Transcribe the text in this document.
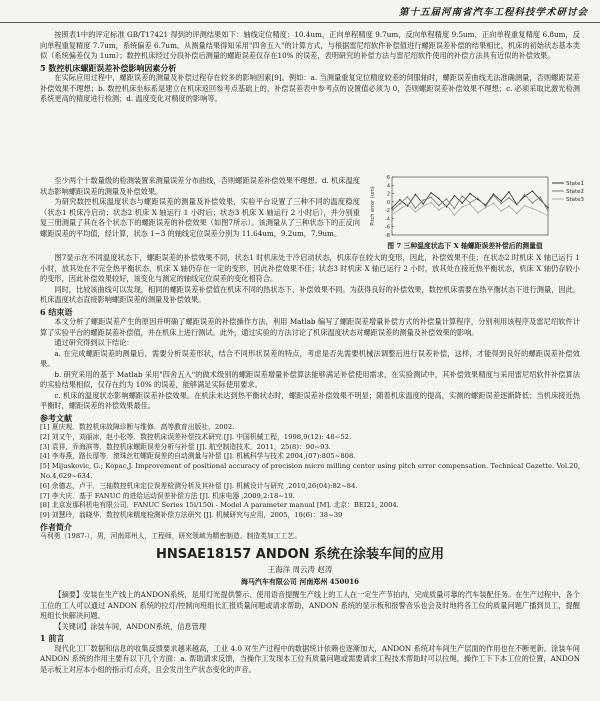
第十五届河南省汽车工程科技学术研讨会

按照表1中的评定标准 GB/T17421 得到的评测结果如下：轴线定位精度：10.4um，正向单程精度 9.7um，反向单程精度 9.5um，正向单程重复精度 6.8um，反向单程重复精度 7.7um，系统偏差 6.7um。从测量结果得知采用"四舍五入"的计算方式，与根据雷尼绍软件补偿值进行螺距误差补偿的结果相比，机床的初始状态基本类似（系统偏差仅为 1um）；数控机床经过分段补偿后测量的螺距误差仅存在10% 的误差，表明研究的补偿方法与雷尼绍软件使用的补偿方法具有近似的补偿效果。

5 数控机床螺距误差补偿影响因素分析

在实际应用过程中，螺距误差的测量及补偿过程存在较多的影响因素[9]。例如：a. 当测量重复定位精度较差的伺服轴时，螺距误差曲线无法准确测量，否则螺距误差补偿效果不理想；b. 数控机床坐标系是建立在机床返回参考点基础上的，补偿误差表中参考点的设置值必须为 0，否则螺距误差补偿效果不理想；c. 必须采取比激光检测系统更高的精度进行检测；d. 温度变化对精度的影响等。

至少两个十数量级的检测装置来测量误差分布曲线，否则螺距误差补偿效果不理想。d. 机床温度状态影响螺距误差的测量及补偿效果。

为研究数控机床温度状态与螺距误差的测量及补偿效果，实验平台设置了三种不同的温度稳度（状态1 机床冷启动；状态2 机床 X 轴运行 1 小时后；状态3 机床 X 轴运行 2 小时后），并分别重复三册测量了其在各个状态下的螺距误差的补偿效果（如图7所示）。该测量从了三种状态下的正反向螺距误差的平均值，经计算，状态 1~3 的轴线定位误差分别为 11.64um，9.2um，7.9um。

6
4
2
0
-2
-4
-6
-8
Pitch error (um)
State1
State2
State3
图 7 三种温度状态下 X 轴螺距误差补偿后的测量值

图7显示在不同温度状态下，螺距误差的补偿效果不同，状态1 时机床处于冷启动状态，机床存在较大的变形，因此，补偿效果不佳；在状态2 时机床 X 轴已运行 1 小时，放其处在不完全热平衡状态，机床 X 轴仍存在一定的变形，因此补偿效果不佳；状态3 时机床 X 轴已运行 2 小时，放其处在接近热平衡状态，机床 X 轴仍存较小的变形，因此补偿效果较好，该变化与测定的轴线定位误差的变化相符合。

同时，比较该曲线可以发现，相同的螺距误差补偿值在机床不同的热状态下，补偿效果不同。为获得良好的补偿效果，数控机床需要在热平衡状态下进行测量，因此，机床温度状态直接影响螺距误差的测量及补偿效果。

6 结束语

本文分析了螺距误差产生的原因并明确了螺距误差的补偿操作方法，利用 Matlab 编写了螺距误差增量补偿方式的补偿量计算程序，分别利用该程序及雷尼绍软件计算了实验平台的螺距误差补偿值，并在机床上进行测试。此外，通过实验的方法讨论了机床温度状态对螺距误差的测量及补偿效果的影响。

通过研究得到以下结论：

a. 在完成螺距误差的测量后，需要分析误差形状，结合不同形状误差的特点，考虑是否先需要机械法调整后进行误差补偿，这样，才能得到良好的螺距误差补偿效果。

b. 研究采用的基于 Matlab 采用"四舍五入"的做术级别的螺距误差增量补偿算法能够满足补偿使用需求，在实验测试中，其补偿效果精度与采用雷尼绍软件补偿算法的实验结果相似，仅存在约为 10% 的误差，能够满足实际使用要求。

c. 机床的温度状态影响螺距误差补偿效果。在机床未达到热平衡状态时，螺距误差补偿效果不明显；随着机床温度的提高，实测的螺距误差逐渐降低；当机床接近热平衡时，螺距误差的补偿效果最佳。

参考文献

[1] 夏庆观．数控机床故障诊断与维修．高等教育出版社，2002.

[2] 刘又午，刘丽冰，赵小松等．数控机床误差补偿技术研究 [J]. 中国机械工程，1998,9(12): 48~52.

[3] 袁祥，乔海滨等．数控机床螺距误差分析与补偿 [J]. 航空制造技术，2011，25(8)：90~93.

[4] 李寿燕，路长厚等．滚珠丝杠螺距误差的自动测量与补偿 [J]. 机械科学与技术 2004,(07):805~808.

[5] Mijuskovic, G.; Kopac,J. Improvement of positional accuracy of precision micro milling center using pitch error compensation. Technical Gazette. Vol.20, No.4,629~634.

[6] 余德志，卢干．三轴数控机床定位误差检测分析及其补偿 [J]. 机械设计与研究 ,2010,26(04):82~84.

[7] 李大庆．基于 FANUC 的进给运动误差补偿方法 [J]. 机床电器 ,2009,2:18~19.

[8] 北京发那科机电有限公司．FANUC Series 15i/150i - Model A parameter manual [M]. 北京：BEI21, 2004.

[9] 刘慧玲，翁晓华．数控机床精度检测补偿方法研究 [J]. 机械研究与应用，2005，18(6)：38~39

作者简介

马利勇（1987-），男，河南郑州人，工程师，研究领域为精密制造、制造类加工工艺。

HNSAE18157 ANDON 系统在涂装车间的应用
王海洋 周云涛 赵涛
海马汽车有限公司 河南郑州 450016

【摘要】安装在生产线上的ANDON系统，是用灯光提供警示、使用语音提醒生产线上的工人在一定生产节拍内，完成质量可靠的汽车装配任务。在生产过程中，各个工位的工人可以通过 ANDON 系统的拉灯/控制向班组长汇报质量问题或请求帮助，ANDON 系统的显示板和报警音乐也会及时地将各工位的质量问题广播到员工，提醒班组长快解决问题。

【关键词】涂装车间，ANDON系统，信息管理

1 前言

现代化工厂数据和信息的收集反馈要求越来越高，工业 4.0 对生产过程中的数据统计依赖也逐渐加大，ANDON 系统对车间生产层面的作用也在不断更新。涂装车间 ANDON 系统的作用主要有以下几个方面：a. 帮助请求反馈，当操作工发现本工位有质量问题或需要请求工程技术帮助时可以拉绳，操作工下下本工位的位置，ANDON 是示板上对应本小组的指示灯点亮，且会发出生产状态变化的声音。
